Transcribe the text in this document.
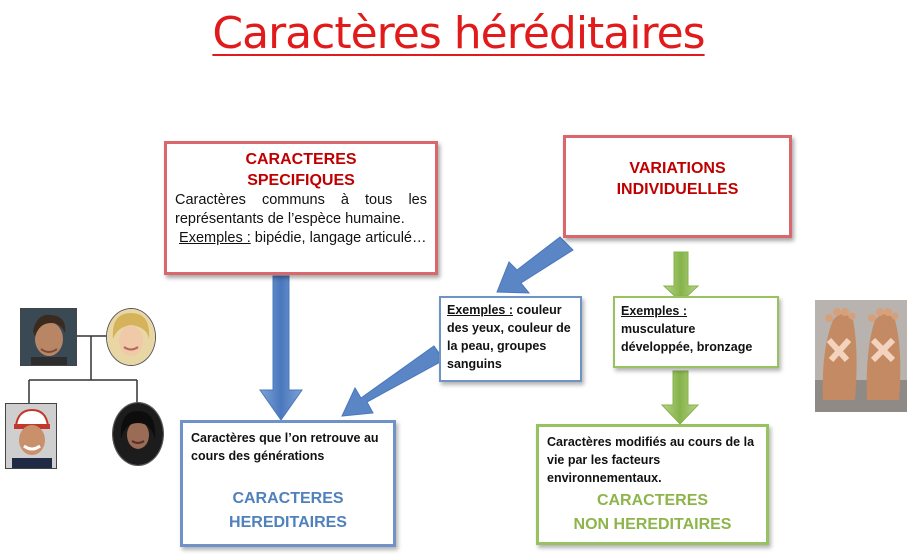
Caractères héréditaires
CARACTERES
SPECIFIQUES
Caractères communs à tous les représentants de l’espèce humaine.
Exemples : bipédie, langage articulé…
VARIATIONS
INDIVIDUELLES
Exemples : couleur des yeux, couleur de la peau, groupes sanguins
Exemples :
musculature développée, bronzage
Caractères que l’on retrouve au cours des générations
CARACTERES
HEREDITAIRES
Caractères modifiés au cours de la vie par les facteurs environnementaux.
CARACTERES
NON HEREDITAIRES
